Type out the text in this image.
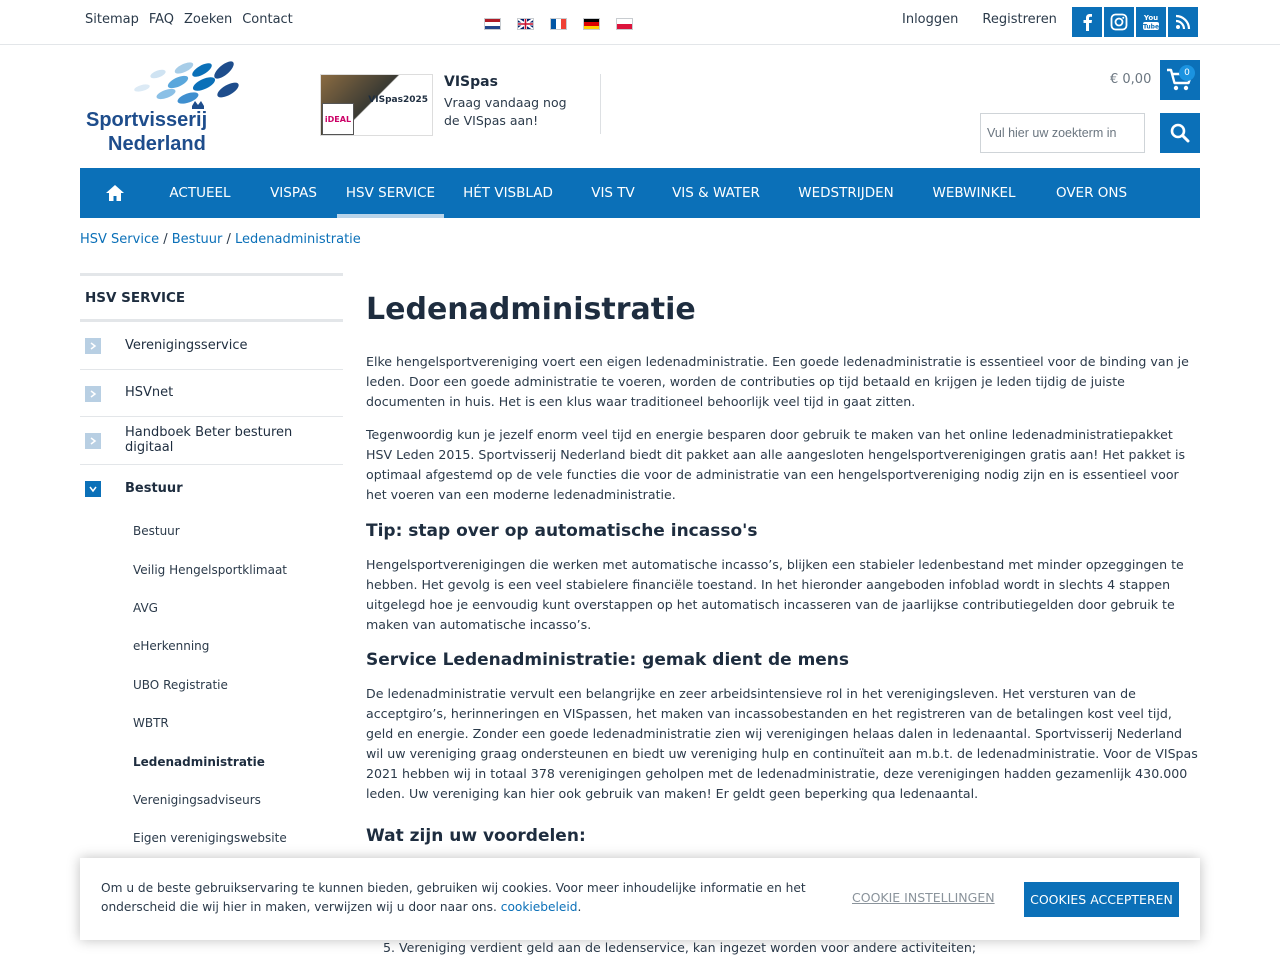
Sitemap FAQ Zoeken Contact	Inloggen Registreren	You
Tube
Sportvisserij
Nederland
iDEAL
VISpas2025
VISpas
Vraag vandaag nog de VISpas aan!
€ 0,00	0
Vul hier uw zoekterm in
ACTUEEL	VISPAS	HSV SERVICE	HÉT VISBLAD	VIS TV	VIS & WATER	WEDSTRIJDEN	WEBWINKEL	OVER ONS
HSV Service / Bestuur / Ledenadministratie
HSV SERVICE
Verenigingsservice
HSVnet
Handboek Beter besturen digitaal
Bestuur
Bestuur
Veilig Hengelsportklimaat
AVG
eHerkenning
UBO Registratie
WBTR
Ledenadministratie
Verenigingsadviseurs
Eigen verenigingswebsite
Ledenadministratie

Elke hengelsportvereniging voert een eigen ledenadministratie. Een goede ledenadministratie is essentieel voor de binding van je leden. Door een goede administratie te voeren, worden de contributies op tijd betaald en krijgen je leden tijdig de juiste documenten in huis. Het is een klus waar traditioneel behoorlijk veel tijd in gaat zitten.

Tegenwoordig kun je jezelf enorm veel tijd en energie besparen door gebruik te maken van het online ledenadministratiepakket HSV Leden 2015. Sportvisserij Nederland biedt dit pakket aan alle aangesloten hengelsportverenigingen gratis aan! Het pakket is optimaal afgestemd op de vele functies die voor de administratie van een hengelsportvereniging nodig zijn en is essentieel voor het voeren van een moderne ledenadministratie.

Tip: stap over op automatische incasso's

Hengelsportverenigingen die werken met automatische incasso’s, blijken een stabieler ledenbestand met minder opzeggingen te hebben. Het gevolg is een veel stabielere financiële toestand. In het hieronder aangeboden infoblad wordt in slechts 4 stappen uitgelegd hoe je eenvoudig kunt overstappen op het automatisch incasseren van de jaarlijkse contributiegelden door gebruik te maken van automatische incasso’s.

Service Ledenadministratie: gemak dient de mens

De ledenadministratie vervult een belangrijke en zeer arbeidsintensieve rol in het verenigingsleven. Het versturen van de acceptgiro’s, herinneringen en VISpassen, het maken van incassobestanden en het registreren van de betalingen kost veel tijd, geld en energie. Zonder een goede ledenadministratie zien wij verenigingen helaas dalen in ledenaantal. Sportvisserij Nederland wil uw vereniging graag ondersteunen en biedt uw vereniging hulp en continuïteit aan m.b.t. de ledenadministratie. Voor de VISpas 2021 hebben wij in totaal 378 verenigingen geholpen met de ledenadministratie, deze verenigingen hadden gezamenlijk 430.000 leden. Uw vereniging kan hier ook gebruik van maken! Er geldt geen beperking qua ledenaantal.

Wat zijn uw voordelen:
5. Vereniging verdient geld aan de ledenservice, kan ingezet worden voor andere activiteiten;
Om u de beste gebruikservaring te kunnen bieden, gebruiken wij cookies. Voor meer inhoudelijke informatie en het onderscheid die wij hier in maken, verwijzen wij u door naar ons. cookiebeleid.
COOKIE INSTELLINGEN	COOKIES ACCEPTEREN
